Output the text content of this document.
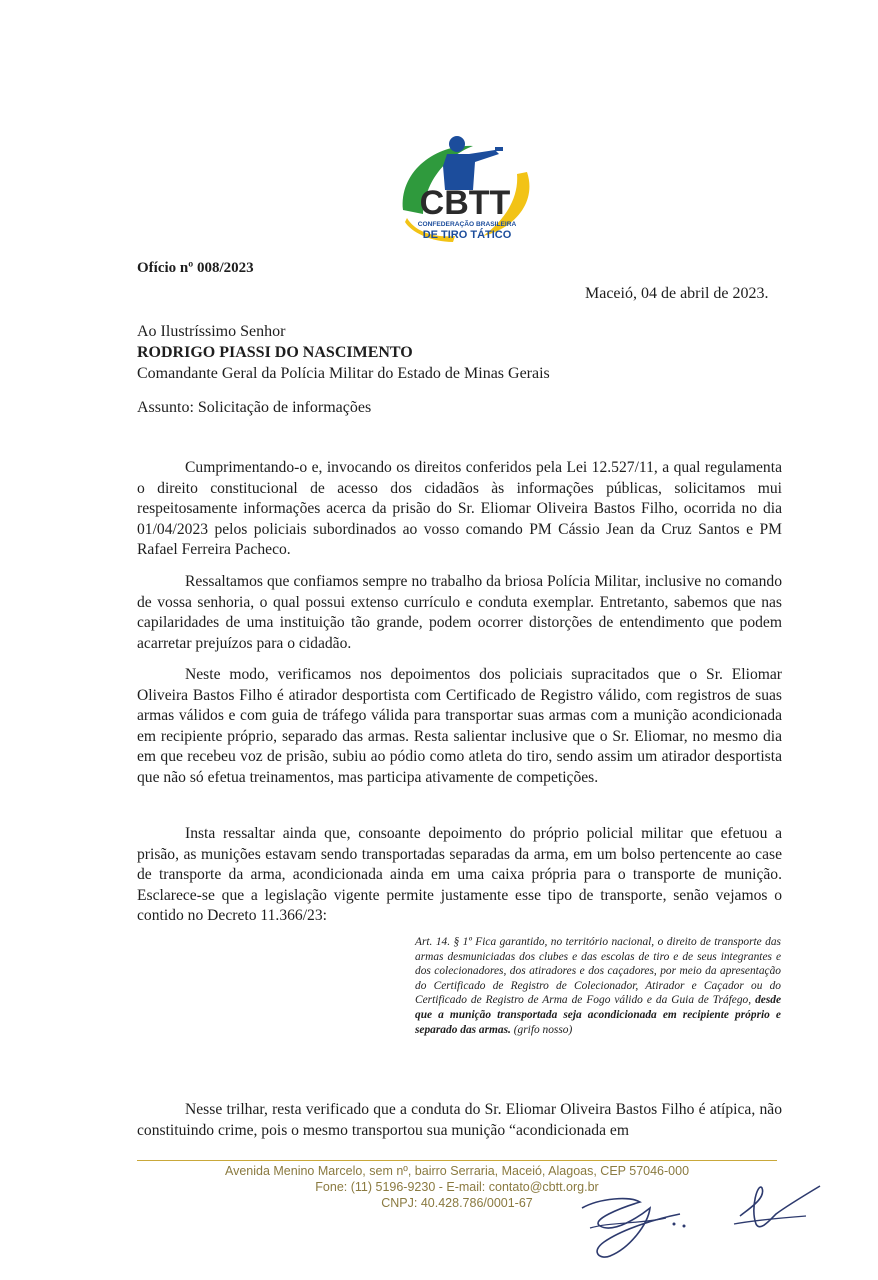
CBTT
CONFEDERAÇÃO BRASILEIRA
DE TIRO TÁTICO

Ofício nº 008/2023

Maceió, 04 de abril de 2023.

Ao Ilustríssimo Senhor
RODRIGO PIASSI DO NASCIMENTO
Comandante Geral da Polícia Militar do Estado de Minas Gerais

Assunto: Solicitação de informações

Cumprimentando-o e, invocando os direitos conferidos pela Lei 12.527/11, a qual regulamenta o direito constitucional de acesso dos cidadãos às informações públicas, solicitamos mui respeitosamente informações acerca da prisão do Sr. Eliomar Oliveira Bastos Filho, ocorrida no dia 01/04/2023 pelos policiais subordinados ao vosso comando PM Cássio Jean da Cruz Santos e PM Rafael Ferreira Pacheco.

Ressaltamos que confiamos sempre no trabalho da briosa Polícia Militar, inclusive no comando de vossa senhoria, o qual possui extenso currículo e conduta exemplar. Entretanto, sabemos que nas capilaridades de uma instituição tão grande, podem ocorrer distorções de entendimento que podem acarretar prejuízos para o cidadão.

Neste modo, verificamos nos depoimentos dos policiais supracitados que o Sr. Eliomar Oliveira Bastos Filho é atirador desportista com Certificado de Registro válido, com registros de suas armas válidos e com guia de tráfego válida para transportar suas armas com a munição acondicionada em recipiente próprio, separado das armas. Resta salientar inclusive que o Sr. Eliomar, no mesmo dia em que recebeu voz de prisão, subiu ao pódio como atleta do tiro, sendo assim um atirador desportista que não só efetua treinamentos, mas participa ativamente de competições.

Insta ressaltar ainda que, consoante depoimento do próprio policial militar que efetuou a prisão, as munições estavam sendo transportadas separadas da arma, em um bolso pertencente ao case de transporte da arma, acondicionada ainda em uma caixa própria para o transporte de munição. Esclarece-se que a legislação vigente permite justamente esse tipo de transporte, senão vejamos o contido no Decreto 11.366/23:

Art. 14. § 1º Fica garantido, no território nacional, o direito de transporte das armas desmuniciadas dos clubes e das escolas de tiro e de seus integrantes e dos colecionadores, dos atiradores e dos caçadores, por meio da apresentação do Certificado de Registro de Colecionador, Atirador e Caçador ou do Certificado de Registro de Arma de Fogo válido e da Guia de Tráfego, desde que a munição transportada seja acondicionada em recipiente próprio e separado das armas. (grifo nosso)

Nesse trilhar, resta verificado que a conduta do Sr. Eliomar Oliveira Bastos Filho é atípica, não constituindo crime, pois o mesmo transportou sua munição “acondicionada em

Avenida Menino Marcelo, sem nº, bairro Serraria, Maceió, Alagoas, CEP 57046-000

Fone: (11) 5196-9230 - E-mail: contato@cbtt.org.br

CNPJ: 40.428.786/0001-67
